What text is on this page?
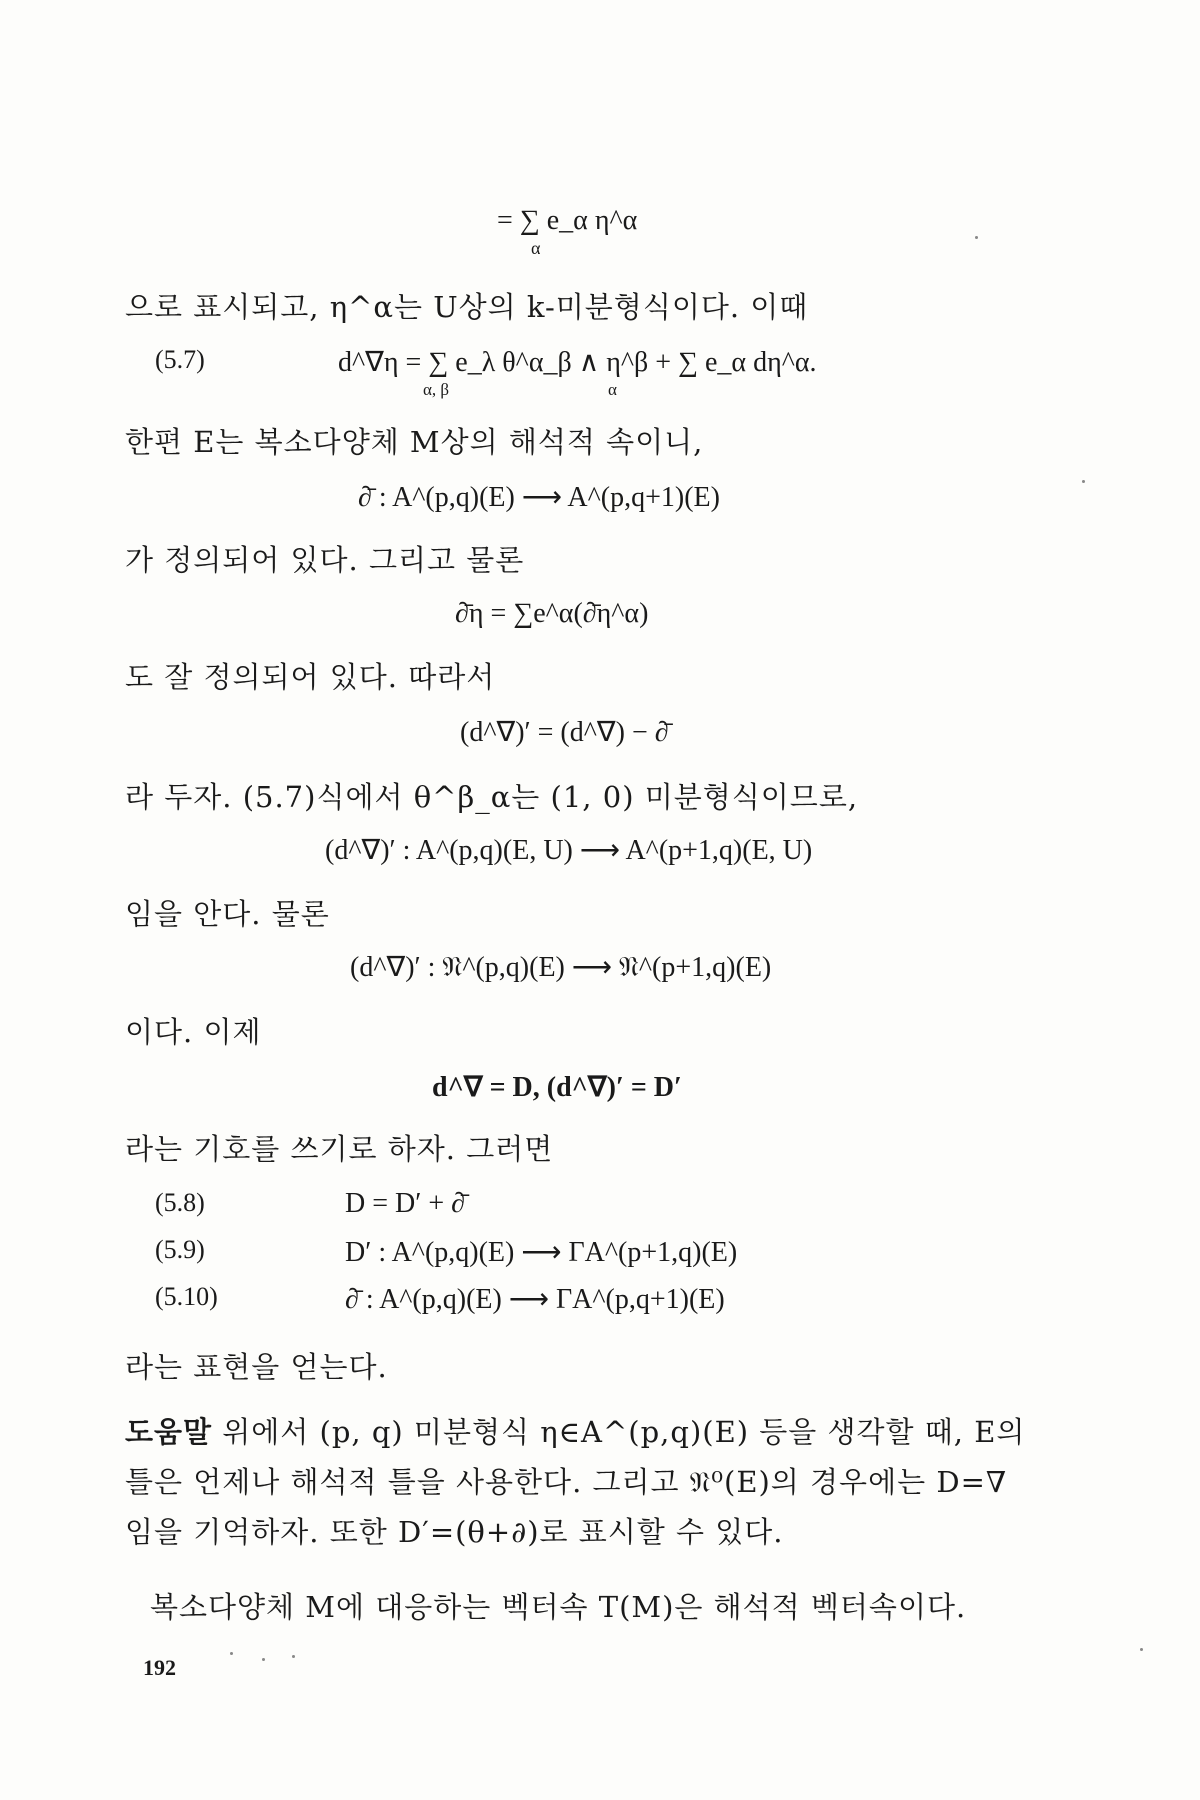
= ∑ e_α η^α
α
으로 표시되고, η^α는 U상의 k-미분형식이다. 이때
(5.7)	d^∇η = ∑ e_λ θ^α_β ∧ η^β + ∑ e_α dη^α.
α, β	α
한편 E는 복소다양체 M상의 해석적 속이니,
∂̄ : A^(p,q)(E) ⟶ A^(p,q+1)(E)
가 정의되어 있다. 그리고 물론
∂̄η = ∑e^α(∂̄η^α)
도 잘 정의되어 있다. 따라서
(d^∇)′ = (d^∇) − ∂̄
라 두자. (5.7)식에서 θ^β_α는 (1, 0) 미분형식이므로,
(d^∇)′ : A^(p,q)(E, U) ⟶ A^(p+1,q)(E, U)
임을 안다. 물론
(d^∇)′ : 𝔑^(p,q)(E) ⟶ 𝔑^(p+1,q)(E)
이다. 이제
d^∇ = D, (d^∇)′ = D′
라는 기호를 쓰기로 하자. 그러면
(5.8)	D = D′ + ∂̄
(5.9)	D′ : A^(p,q)(E) ⟶ ΓA^(p+1,q)(E)
(5.10)	∂̄ : A^(p,q)(E) ⟶ ΓA^(p,q+1)(E)
라는 표현을 얻는다.
도움말 위에서 (p, q) 미분형식 η∈A^(p,q)(E) 등을 생각할 때, E의
틀은 언제나 해석적 틀을 사용한다. 그리고 𝔑⁰(E)의 경우에는 D=∇
임을 기억하자. 또한 D′=(θ+∂)로 표시할 수 있다.
복소다양체 M에 대응하는 벡터속 T(M)은 해석적 벡터속이다.
192
